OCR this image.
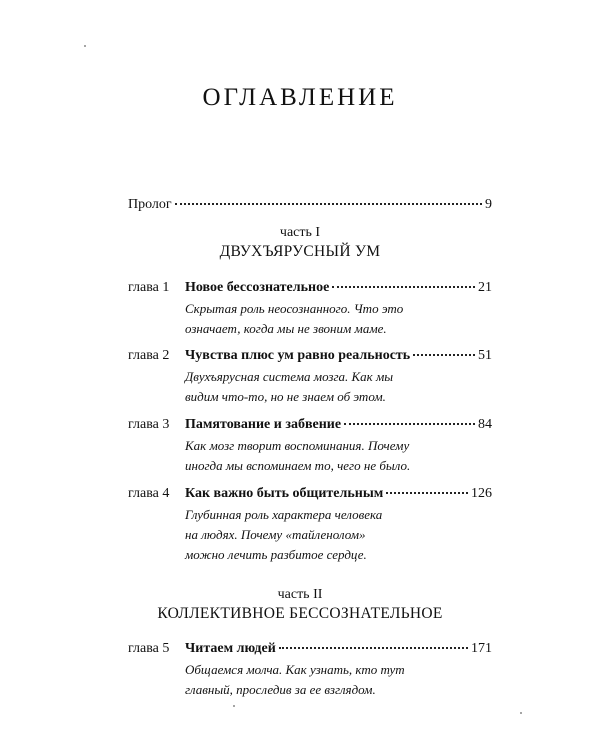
ОГЛАВЛЕНИЕ
Пролог	9
часть I
ДВУХЪЯРУСНЫЙ УМ
глава 1	Новое бессознательное	21
Скрытая роль неосознанного. Что это
означает, когда мы не звоним маме.
глава 2	Чувства плюс ум равно реальность	51
Двухъярусная система мозга. Как мы
видим что-то, но не знаем об этом.
глава 3	Памятование и забвение	84
Как мозг творит воспоминания. Почему
иногда мы вспоминаем то, чего не было.
глава 4	Как важно быть общительным	126
Глубинная роль характера человека
на людях. Почему «тайленолом»
можно лечить разбитое сердце.
часть II
КОЛЛЕКТИВНОЕ БЕССОЗНАТЕЛЬНОЕ
глава 5	Читаем людей	171
Общаемся молча. Как узнать, кто тут
главный, проследив за ее взглядом.
